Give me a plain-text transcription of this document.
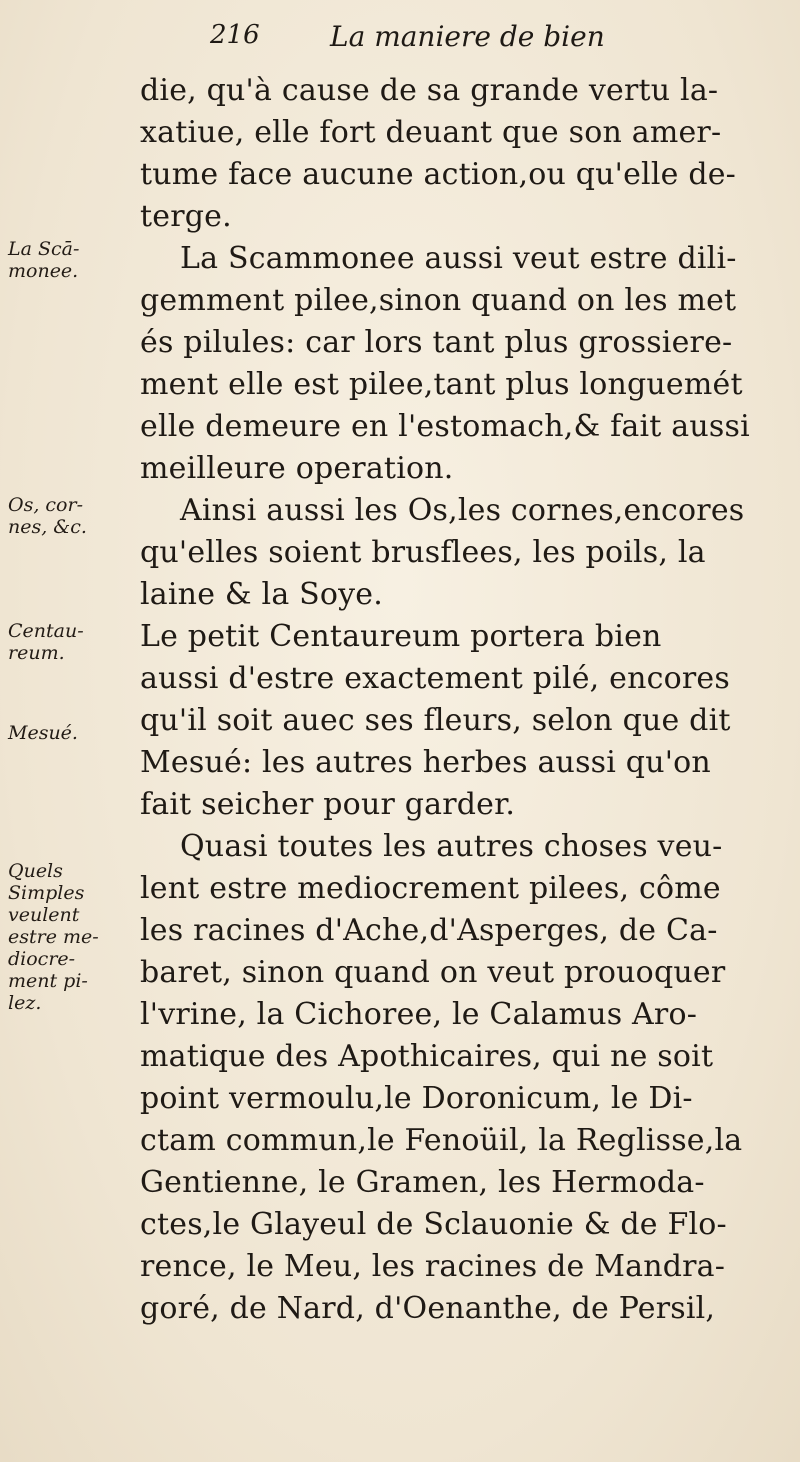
216	La maniere de bien
die, qu'à cause de sa grande vertu la-
xatiue, elle fort deuant que son amer-
tume face aucune action,ou qu'elle de-
terge.
La Scammonee aussi veut estre dili-
gemment pilee,sinon quand on les met
és pilules: car lors tant plus grossiere-
ment elle est pilee,tant plus longuemét
elle demeure en l'estomach,& fait aussi
meilleure operation.
Ainsi aussi les Os,les cornes,encores
qu'elles soient brusflees, les poils, la
laine & la Soye.
Le petit Centaureum portera bien
aussi d'estre exactement pilé, encores
qu'il soit auec ses fleurs, selon que dit
Mesué: les autres herbes aussi qu'on
fait seicher pour garder.
Quasi toutes les autres choses veu-
lent estre mediocrement pilees, côme
les racines d'Ache,d'Asperges, de Ca-
baret, sinon quand on veut prouoquer
l'vrine, la Cichoree, le Calamus Aro-
matique des Apothicaires, qui ne soit
point vermoulu,le Doronicum, le Di-
ctam commun,le Fenoüil, la Reglisse,la
Gentienne, le Gramen, les Hermoda-
ctes,le Glayeul de Sclauonie & de Flo-
rence, le Meu, les racines de Mandra-
goré, de Nard, d'Oenanthe, de Persil,
La Scā-
monee.
Os, cor-
nes, &c.
Centau-
reum.
Mesué.
Quels
Simples
veulent
estre me-
diocre-
ment pi-
lez.
